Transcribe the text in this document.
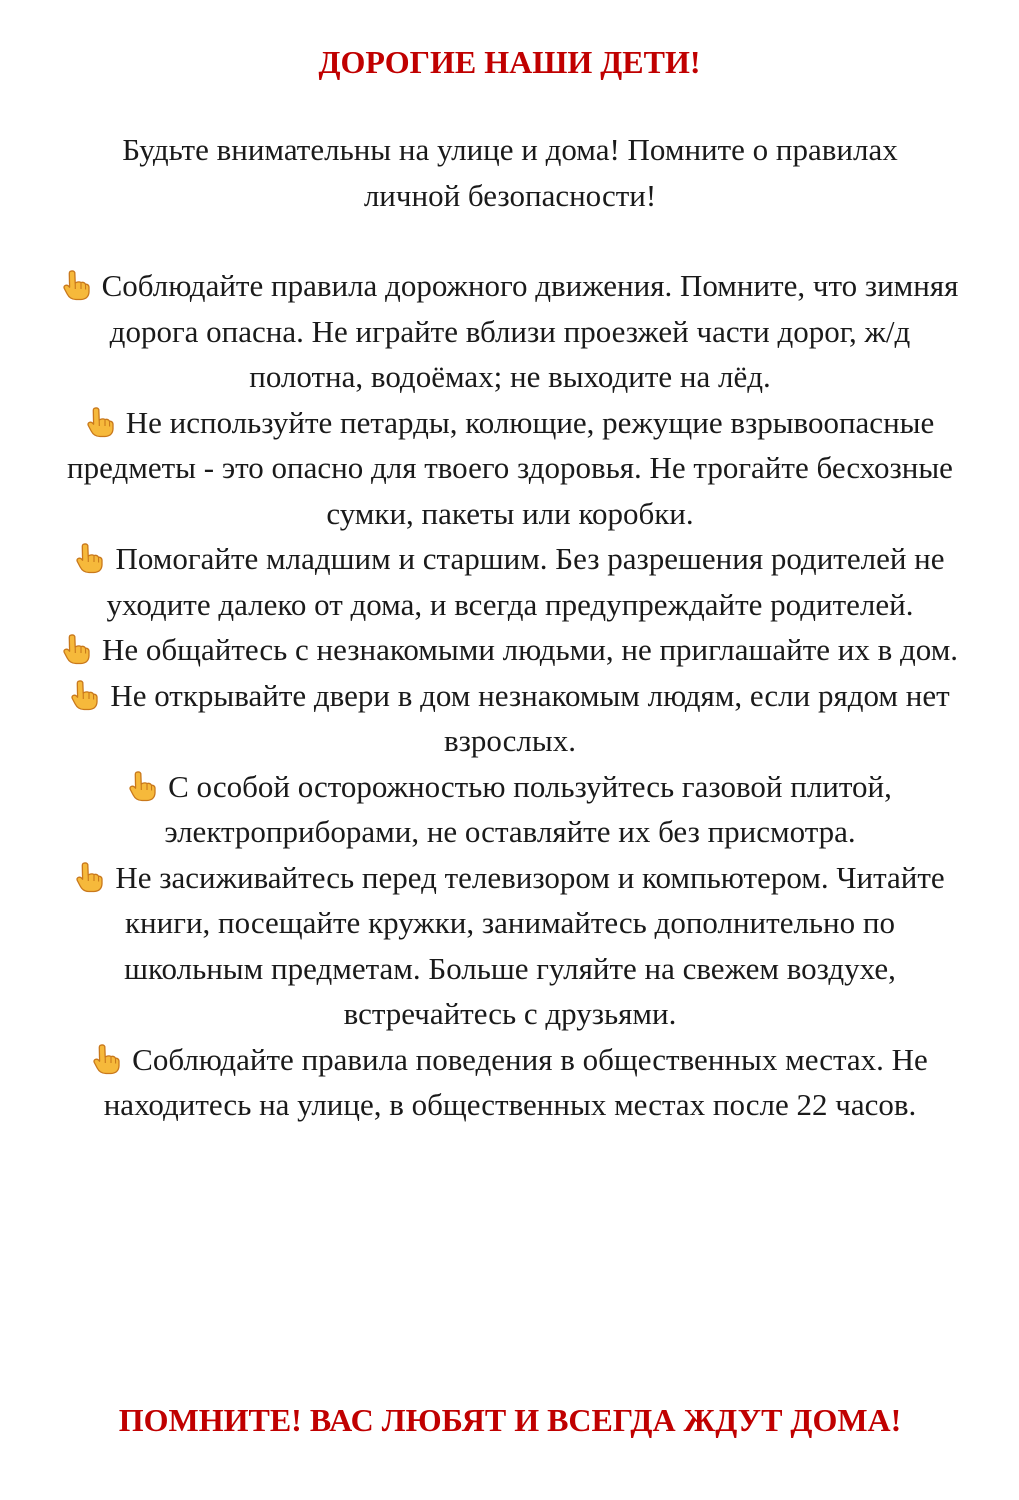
ДОРОГИЕ НАШИ ДЕТИ!

Будьте внимательны на улице и дома! Помните о правилах личной безопасности!

Соблюдайте правила дорожного движения. Помните, что зимняя дорога опасна. Не играйте вблизи проезжей части дорог, ж/д полотна, водоёмах; не выходите на лёд.
Не используйте петарды, колющие, режущие взрывоопасные предметы - это опасно для твоего здоровья. Не трогайте бесхозные сумки, пакеты или коробки.
Помогайте младшим и старшим. Без разрешения родителей не уходите далеко от дома, и всегда предупреждайте родителей.
Не общайтесь с незнакомыми людьми, не приглашайте их в дом.
Не открывайте двери в дом незнакомым людям, если рядом нет взрослых.
С особой осторожностью пользуйтесь газовой плитой, электроприборами, не оставляйте их без присмотра.
Не засиживайтесь перед телевизором и компьютером. Читайте книги, посещайте кружки, занимайтесь дополнительно по школьным предметам. Больше гуляйте на свежем воздухе, встречайтесь с друзьями.
Соблюдайте правила поведения в общественных местах. Не находитесь на улице, в общественных местах после 22 часов.

ПОМНИТЕ! ВАС ЛЮБЯТ И ВСЕГДА ЖДУТ ДОМА!
